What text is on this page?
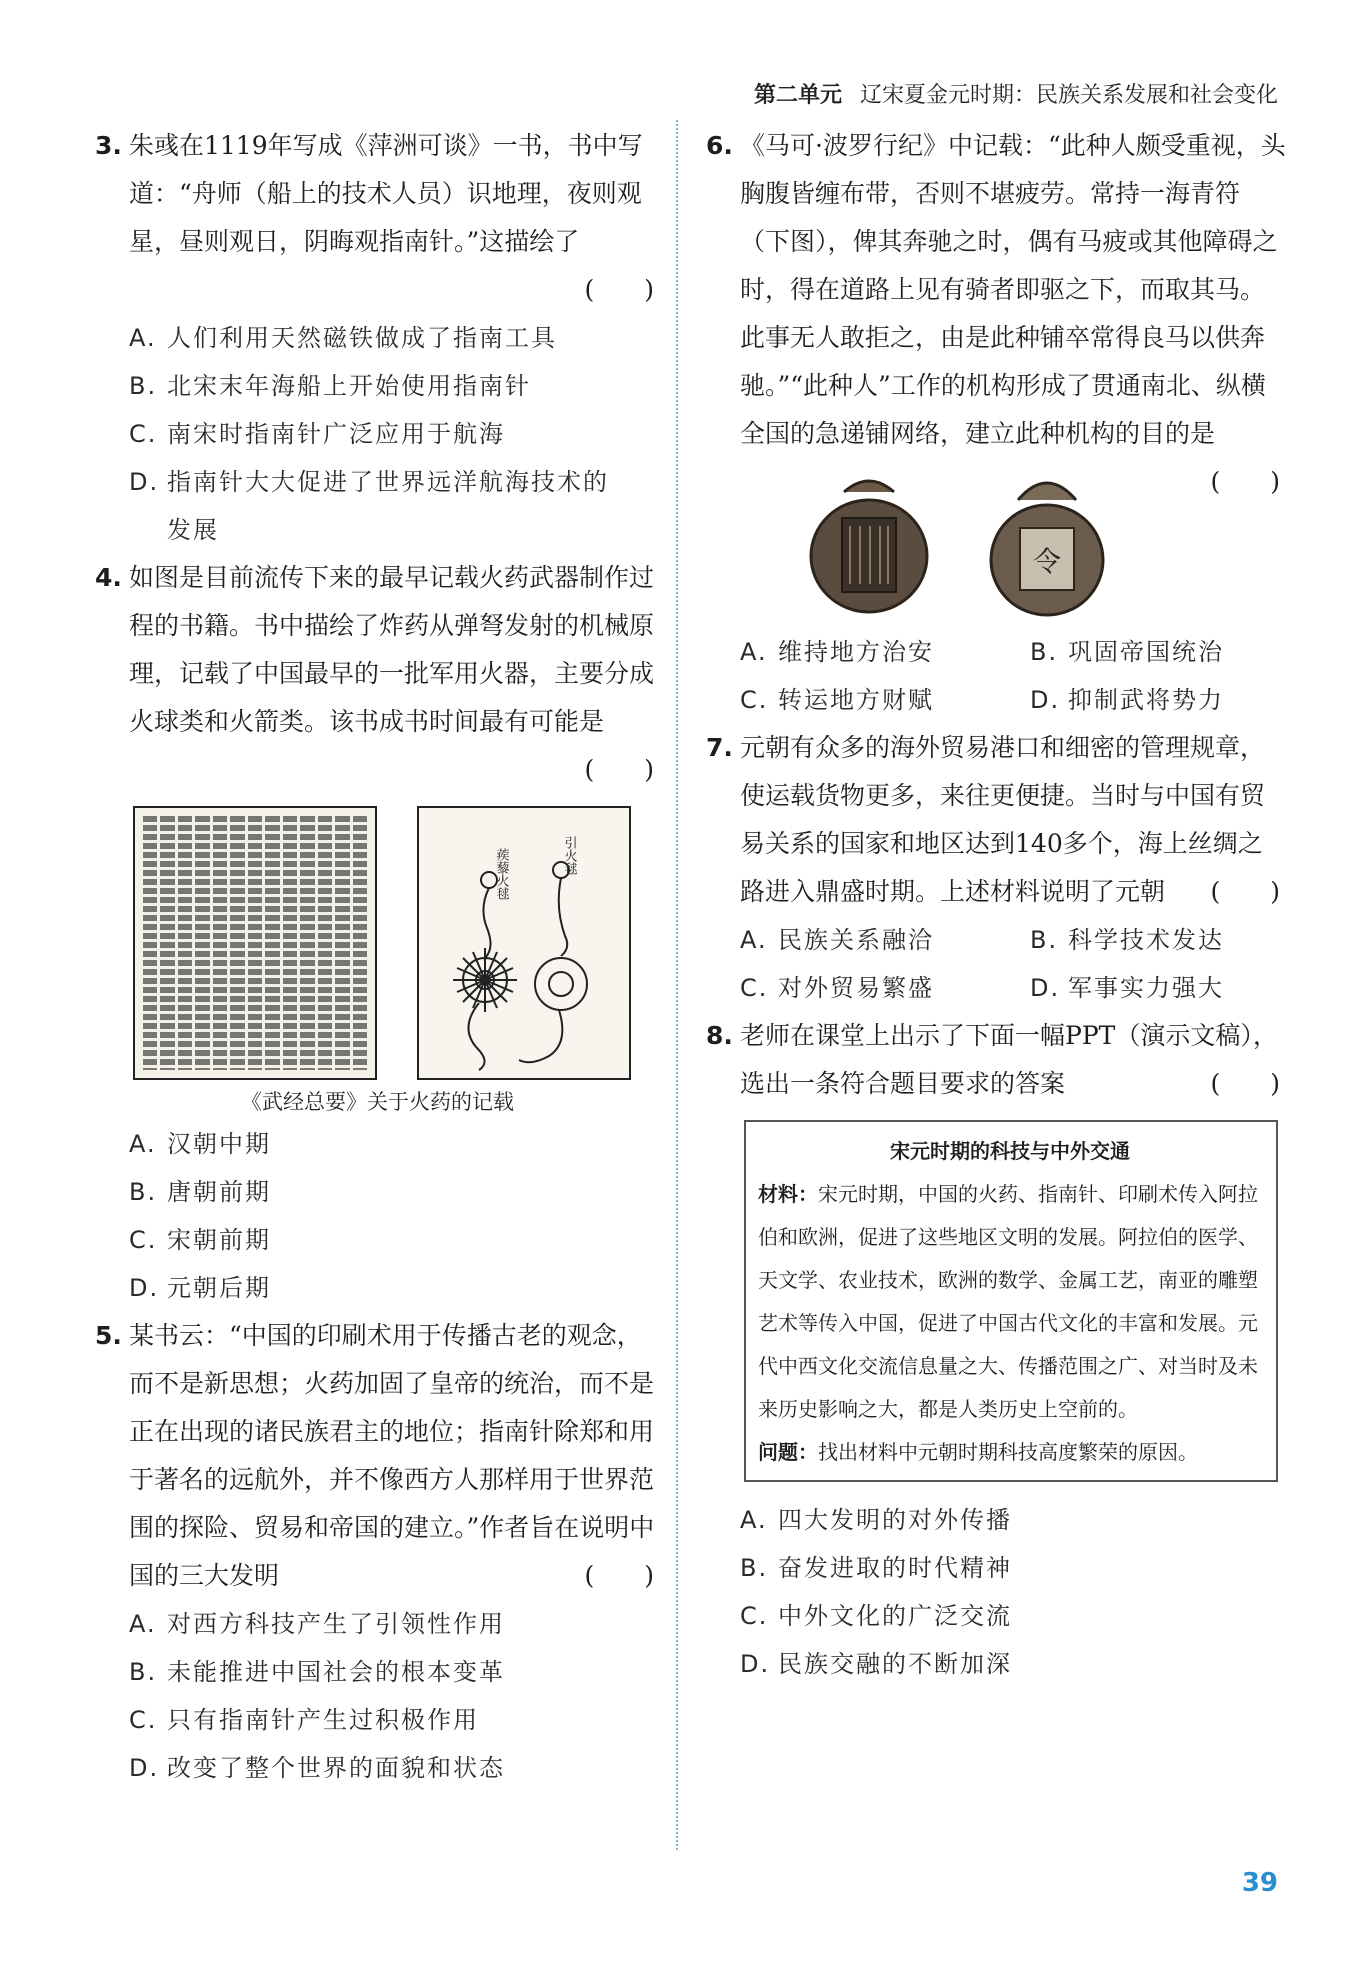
第二单元 辽宋夏金元时期：民族关系发展和社会变化
3. 朱彧在1119年写成《萍洲可谈》一书，书中写道：“舟师（船上的技术人员）识地理，夜则观星，昼则观日，阴晦观指南针。”这描绘了
(　　)
A. 人们利用天然磁铁做成了指南工具
B. 北宋末年海船上开始使用指南针
C. 南宋时指南针广泛应用于航海
D. 指南针大大促进了世界远洋航海技术的
发展
4. 如图是目前流传下来的最早记载火药武器制作过程的书籍。书中描绘了炸药从弹弩发射的机械原理，记载了中国最早的一批军用火器，主要分成火球类和火箭类。该书成书时间最有可能是
(　　)
蒺藜火毬	引火毬
《武经总要》关于火药的记载
A. 汉朝中期
B. 唐朝前期
C. 宋朝前期
D. 元朝后期
5. 某书云：“中国的印刷术用于传播古老的观念，而不是新思想；火药加固了皇帝的统治，而不是正在出现的诸民族君主的地位；指南针除郑和用于著名的远航外，并不像西方人那样用于世界范围的探险、贸易和帝国的建立。”作者旨在说明中国的三大发明	(　　)
A. 对西方科技产生了引领性作用
B. 未能推进中国社会的根本变革
C. 只有指南针产生过积极作用
D. 改变了整个世界的面貌和状态
6. 《马可·波罗行纪》中记载：“此种人颇受重视，头胸腹皆缠布带，否则不堪疲劳。常持一海青符（下图），俾其奔驰之时，偶有马疲或其他障碍之时，得在道路上见有骑者即驱之下，而取其马。此事无人敢拒之，由是此种铺卒常得良马以供奔驰。”“此种人”工作的机构形成了贯通南北、纵横全国的急递铺网络，建立此种机构的目的是
(　　)
令
A. 维持地方治安	B. 巩固帝国统治
C. 转运地方财赋	D. 抑制武将势力
7. 元朝有众多的海外贸易港口和细密的管理规章，使运载货物更多，来往更便捷。当时与中国有贸易关系的国家和地区达到140多个，海上丝绸之路进入鼎盛时期。上述材料说明了元朝 (　　)
A. 民族关系融洽	B. 科学技术发达
C. 对外贸易繁盛	D. 军事实力强大
8. 老师在课堂上出示了下面一幅PPT（演示文稿），选出一条符合题目要求的答案	(　　)
宋元时期的科技与中外交通
材料：宋元时期，中国的火药、指南针、印刷术传入阿拉伯和欧洲，促进了这些地区文明的发展。阿拉伯的医学、天文学、农业技术，欧洲的数学、金属工艺，南亚的雕塑艺术等传入中国，促进了中国古代文化的丰富和发展。元代中西文化交流信息量之大、传播范围之广、对当时及未来历史影响之大，都是人类历史上空前的。
问题：找出材料中元朝时期科技高度繁荣的原因。
A. 四大发明的对外传播
B. 奋发进取的时代精神
C. 中外文化的广泛交流
D. 民族交融的不断加深
39
